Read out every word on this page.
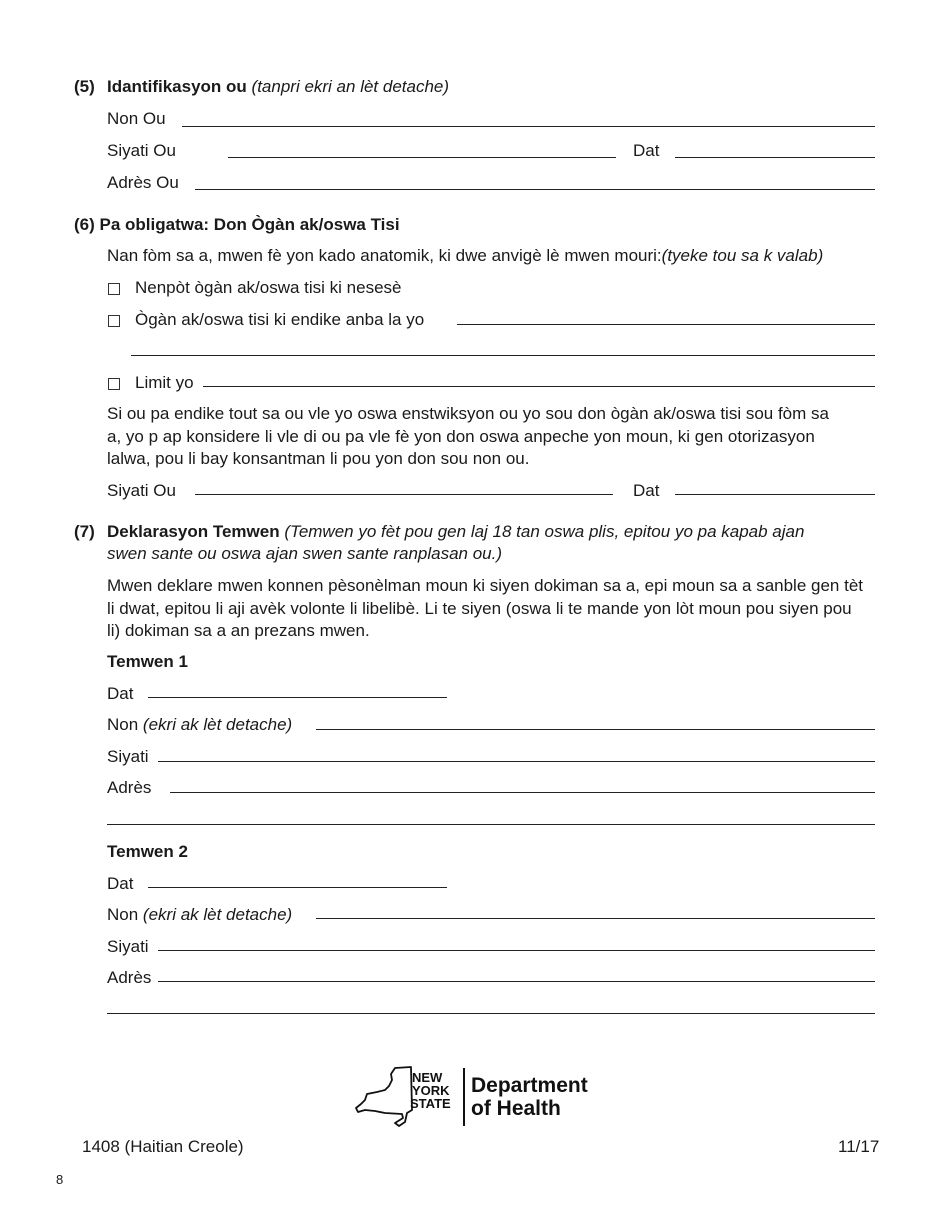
(5) Idantifikasyon ou (tanpri ekri an lèt detache)
Non Ou
Siyati Ou	Dat
Adrès Ou
(6) Pa obligatwa: Don Ògàn ak/oswa Tisi
Nan fòm sa a, mwen fè yon kado anatomik, ki dwe anvigè lè mwen mouri:(tyeke tou sa k valab)
Nenpòt ògàn ak/oswa tisi ki nesesè
Ògàn ak/oswa tisi ki endike anba la yo
Limit yo
Si ou pa endike tout sa ou vle yo oswa enstwiksyon ou yo sou don ògàn ak/oswa tisi sou fòm sa a, yo p ap konsidere li vle di ou pa vle fè yon don oswa anpeche yon moun, ki gen otorizasyon lalwa, pou li bay konsantman li pou yon don sou non ou.
Siyati Ou	Dat
(7) Deklarasyon Temwen (Temwen yo fèt pou gen laj 18 tan oswa plis, epitou yo pa kapab ajan
swen sante ou oswa ajan swen sante ranplasan ou.)
Mwen deklare mwen konnen pèsonèlman moun ki siyen dokiman sa a, epi moun sa a sanble gen tèt li dwat, epitou li aji avèk volonte li libelibè. Li te siyen (oswa li te mande yon lòt moun pou siyen pou li) dokiman sa a an prezans mwen.
Temwen 1
Dat
Non (ekri ak lèt detache)
Siyati
Adrès
Temwen 2
Dat
Non (ekri ak lèt detache)
Siyati
Adrès
NEW
YORK
STATE
Department
of Health
1408 (Haitian Creole)	11/17
8
